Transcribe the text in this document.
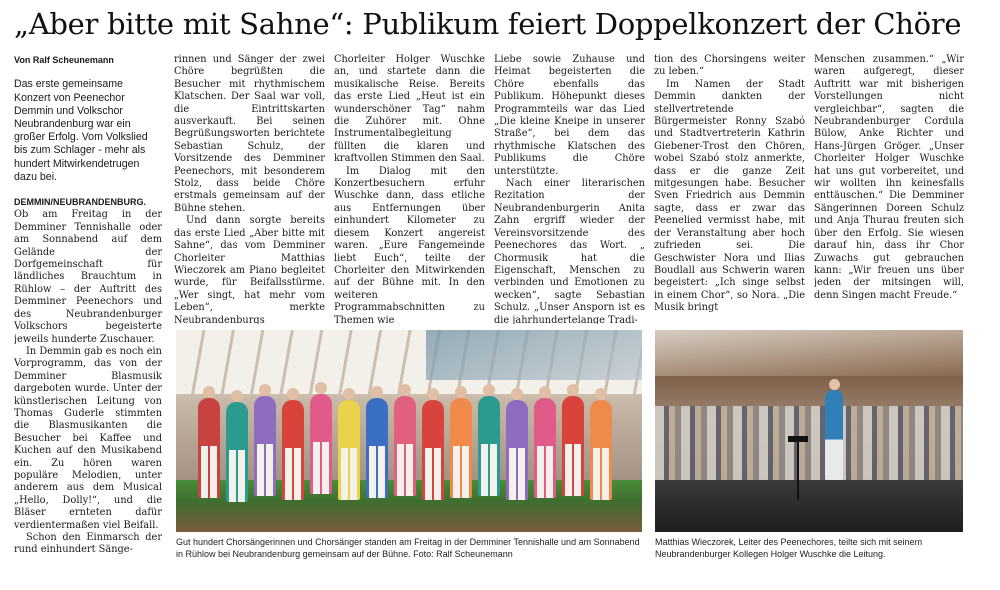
„Aber bitte mit Sahne“: Publikum feiert Doppelkonzert der Chöre
Von Ralf Scheunemann
Das erste gemeinsame Konzert von Peenechor Demmin und Volkschor Neubrandenburg war ein großer Erfolg. Vom Volkslied bis zum Schlager - mehr als hundert Mitwirkendetrugen dazu bei.

DEMMIN/NEUBRANDENBURG. Ob am Freitag in der Demminer Tennishalle oder am Sonnabend auf dem Gelände der Dorfgemeinschaft für ländliches Brauchtum in Rühlow – der Auftritt des Demminer Peenechors und des Neubrandenburger Volkschors begeisterte jeweils hunderte Zuschauer.

In Demmin gab es noch ein Vorprogramm, das von der Demminer Blasmusik dargeboten wurde. Unter der künstlerischen Leitung von Thomas Guderle stimmten die Blasmusikanten die Besucher bei Kaffee und Kuchen auf den Musikabend ein. Zu hören waren populäre Melodien, unter anderem aus dem Musical „Hello, Dolly!“, und die Bläser ernteten dafür verdientermaßen viel Beifall.

Schon den Einmarsch der rund einhundert Sänge-

rinnen und Sänger der zwei Chöre begrüßten die Besucher mit rhythmischem Klatschen. Der Saal war voll, die Eintrittskarten ausverkauft. Bei seinen Begrüßungsworten berichtete Sebastian Schulz, der Vorsitzende des Demminer Peenechors, mit besonderem Stolz, dass beide Chöre erstmals gemeinsam auf der Bühne stehen.

Und dann sorgte bereits das erste Lied „Aber bitte mit Sahne“, das vom Demminer Chorleiter Matthias Wieczorek am Piano begleitet wurde, für Beifallsstürme. „Wer singt, hat mehr vom Leben“, merkte Neubrandenburgs

Chorleiter Holger Wuschke an, und startete dann die musikalische Reise. Bereits das erste Lied „Heut ist ein wunderschöner Tag“ nahm die Zuhörer mit. Ohne Instrumentalbegleitung füllten die klaren und kraftvollen Stimmen den Saal.

Im Dialog mit den Konzertbesuchern erfuhr Wuschke dann, dass etliche aus Entfernungen über einhundert Kilometer zu diesem Konzert angereist waren. „Eure Fangemeinde liebt Euch“, teilte der Chorleiter den Mitwirkenden auf der Bühne mit. In den weiteren Programmabschnitten zu Themen wie

Liebe sowie Zuhause und Heimat begeisterten die Chöre ebenfalls das Publikum. Höhepunkt dieses Programmteils war das Lied „Die kleine Kneipe in unserer Straße“, bei dem das rhythmische Klatschen des Publikums die Chöre unterstützte.

Nach einer literarischen Rezitation der Neubrandenburgerin Anita Zahn ergriff wieder der Vereinsvorsitzende des Peenechores das Wort. „ Chormusik hat die Eigenschaft, Menschen zu verbinden und Emotionen zu wecken“, sagte Sebastian Schulz. „Unser Ansporn ist es die jahrhundertelange Tradi-

tion des Chorsingens weiter zu leben.“

Im Namen der Stadt Demmin dankten der stellvertretende Bürgermeister Ronny Szabó und Stadtvertreterin Kathrin Giebener-Trost den Chören, wobei Szabó stolz anmerkte, dass er die ganze Zeit mitgesungen habe. Besucher Sven Friedrich aus Demmin sagte, dass er zwar das Peenelied vermisst habe, mit der Veranstaltung aber hoch zufrieden sei. Die Geschwister Nora und Ilias Boudlall aus Schwerin waren begeistert: „Ich singe selbst in einem Chor“, so Nora. „Die Musik bringt

Menschen zusammen.“ „Wir waren aufgeregt, dieser Auftritt war mit bisherigen Vorstellungen nicht vergleichbar“, sagten die Neubrandenburger Cordula Bülow, Anke Richter und Hans-Jürgen Gröger. „Unser Chorleiter Holger Wuschke hat uns gut vorbereitet, und wir wollten ihn keinesfalls enttäuschen.“ Die Demminer Sängerinnen Doreen Schulz und Anja Thurau freuten sich über den Erfolg. Sie wiesen darauf hin, dass ihr Chor Zuwachs gut gebrauchen kann: „Wir freuen uns über jeden der mitsingen will, denn Singen macht Freude.“

Gut hundert Chorsängerinnen und Chorsänger standen am Freitag in der Demminer Tennishalle und am Sonnabend in Rühlow bei Neubrandenburg gemeinsam auf der Bühne. Foto: Ralf Scheunemann
Matthias Wieczorek, Leiter des Peenechores, teilte sich mit seinem Neubrandenburger Kollegen Holger Wuschke die Leitung.
